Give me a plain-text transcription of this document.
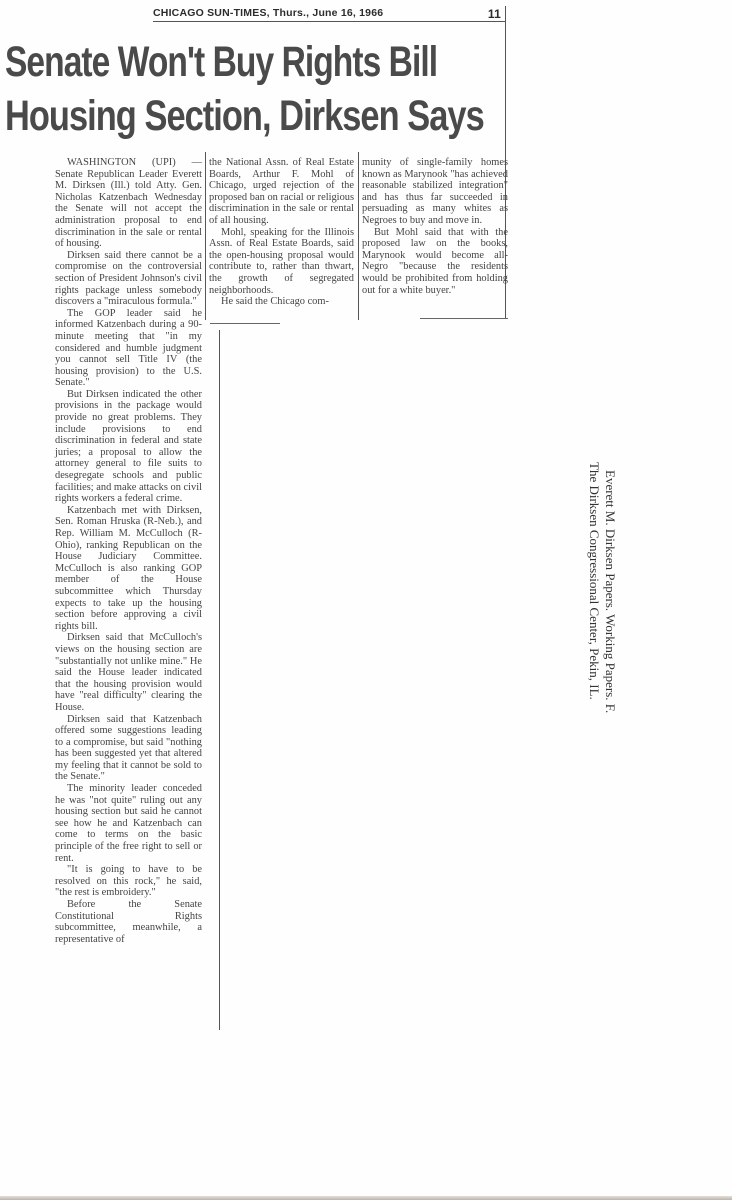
CHICAGO SUN-TIMES, Thurs., June 16, 1966	11
Senate Won't Buy Rights Bill
Housing Section, Dirksen Says

WASHINGTON (UPI) — Senate Republican Leader Everett M. Dirksen (Ill.) told Atty. Gen. Nicholas Katzenbach Wednesday the Senate will not accept the administration proposal to end discrimination in the sale or rental of housing.

Dirksen said there cannot be a compromise on the controversial section of President Johnson's civil rights package unless somebody discovers a "miraculous formula."

The GOP leader said he informed Katzenbach during a 90-minute meeting that "in my considered and humble judgment you cannot sell Title IV (the housing provision) to the U.S. Senate."

But Dirksen indicated the other provisions in the package would provide no great problems. They include provisions to end discrimination in federal and state juries; a proposal to allow the attorney general to file suits to desegregate schools and public facilities; and make attacks on civil rights workers a federal crime.

Katzenbach met with Dirksen, Sen. Roman Hruska (R-Neb.), and Rep. William M. McCulloch (R-Ohio), ranking Republican on the House Judiciary Committee. McCulloch is also ranking GOP member of the House subcommittee which Thursday expects to take up the housing section before approving a civil rights bill.

Dirksen said that McCulloch's views on the housing section are "substantially not unlike mine." He said the House leader indicated that the housing provision would have "real difficulty" clearing the House.

Dirksen said that Katzenbach offered some suggestions leading to a compromise, but said "nothing has been suggested yet that altered my feeling that it cannot be sold to the Senate."

The minority leader conceded he was "not quite" ruling out any housing section but said he cannot see how he and Katzenbach can come to terms on the basic principle of the free right to sell or rent.

"It is going to have to be resolved on this rock," he said, "the rest is embroidery."

Before the Senate Constitutional Rights subcommittee, meanwhile, a representative of

the National Assn. of Real Estate Boards, Arthur F. Mohl of Chicago, urged rejection of the proposed ban on racial or religious discrimination in the sale or rental of all housing.

Mohl, speaking for the Illinois Assn. of Real Estate Boards, said the open-housing proposal would contribute to, rather than thwart, the growth of segregated neighborhoods.

He said the Chicago com-

munity of single-family homes known as Marynook "has achieved reasonable stabilized integration" and has thus far succeeded in persuading as many whites as Negroes to buy and move in.

But Mohl said that with the proposed law on the books, Marynook would become all-Negro "because the residents would be prohibited from holding out for a white buyer."

Everett M. Dirksen Papers. Working Papers. F.
The Dirksen Congressional Center, Pekin, IL.
